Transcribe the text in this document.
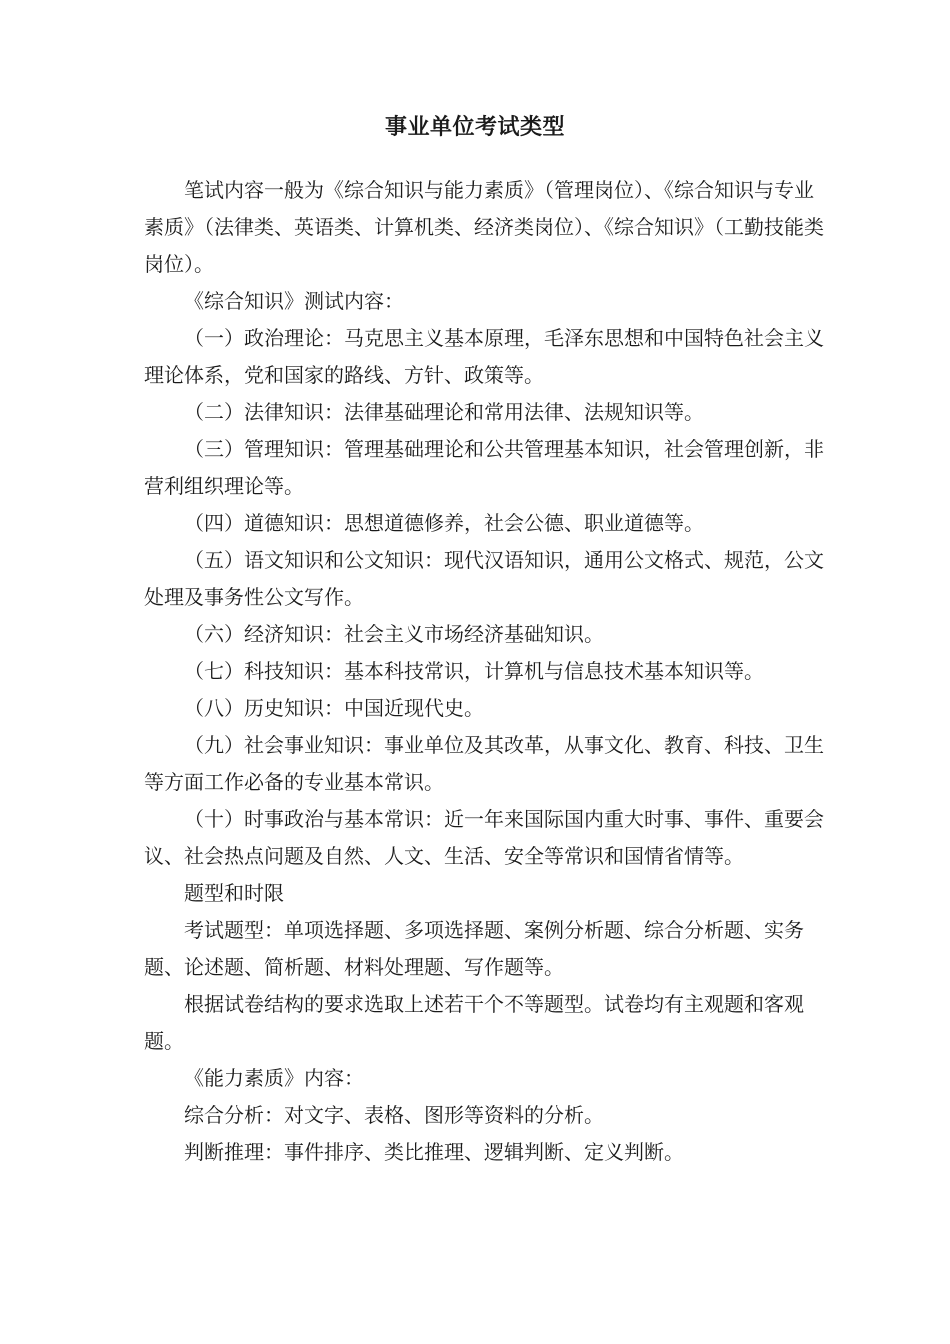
事业单位考试类型

笔试内容一般为《综合知识与能力素质》（管理岗位）、《综合知识与专业素质》（法律类、英语类、计算机类、经济类岗位）、《综合知识》（工勤技能类岗位）。

《综合知识》测试内容：

（一）政治理论：马克思主义基本原理，毛泽东思想和中国特色社会主义理论体系，党和国家的路线、方针、政策等。

（二）法律知识：法律基础理论和常用法律、法规知识等。

（三）管理知识：管理基础理论和公共管理基本知识，社会管理创新，非营利组织理论等。

（四）道德知识：思想道德修养，社会公德、职业道德等。

（五）语文知识和公文知识：现代汉语知识，通用公文格式、规范，公文处理及事务性公文写作。

（六）经济知识：社会主义市场经济基础知识。

（七）科技知识：基本科技常识，计算机与信息技术基本知识等。

（八）历史知识：中国近现代史。

（九）社会事业知识：事业单位及其改革，从事文化、教育、科技、卫生等方面工作必备的专业基本常识。

（十）时事政治与基本常识：近一年来国际国内重大时事、事件、重要会议、社会热点问题及自然、人文、生活、安全等常识和国情省情等。

题型和时限

考试题型：单项选择题、多项选择题、案例分析题、综合分析题、实务题、论述题、简析题、材料处理题、写作题等。

根据试卷结构的要求选取上述若干个不等题型。试卷均有主观题和客观题。

《能力素质》内容：

综合分析：对文字、表格、图形等资料的分析。

判断推理：事件排序、类比推理、逻辑判断、定义判断。
